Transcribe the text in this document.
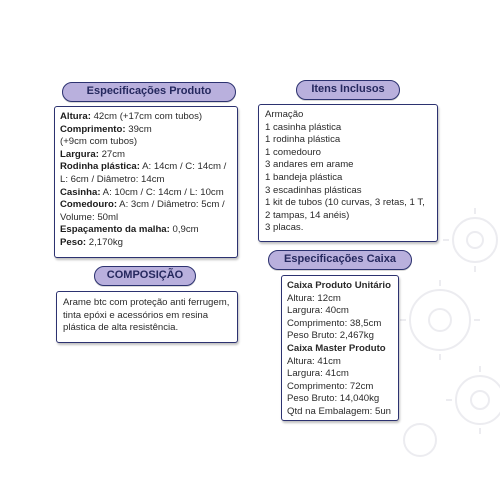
Especificações Produto
Altura: 42cm (+17cm com tubos)
Comprimento: 39cm
(+9cm com tubos)
Largura: 27cm
Rodinha plástica: A: 14cm / C: 14cm / L: 6cm / Diâmetro: 14cm
Casinha: A: 10cm / C: 14cm / L: 10cm
Comedouro: A: 3cm / Diâmetro: 5cm / Volume: 50ml
Espaçamento da malha: 0,9cm
Peso: 2,170kg
Itens Inclusos
Armação
1 casinha plástica
1 rodinha plástica
1 comedouro
3 andares em arame
1 bandeja plástica
3 escadinhas plásticas
1 kit de tubos (10 curvas, 3 retas, 1 T, 2 tampas, 14 anéis)
3 placas.
COMPOSIÇÃO
Arame btc com proteção anti ferrugem, tinta epóxi e acessórios em resina plástica de alta resistência.
Especificações Caixa
Caixa Produto Unitário
Altura: 12cm
Largura: 40cm
Comprimento: 38,5cm
Peso Bruto: 2,467kg
Caixa Master Produto
Altura: 41cm
Largura: 41cm
Comprimento: 72cm
Peso Bruto: 14,040kg
Qtd na Embalagem: 5un
